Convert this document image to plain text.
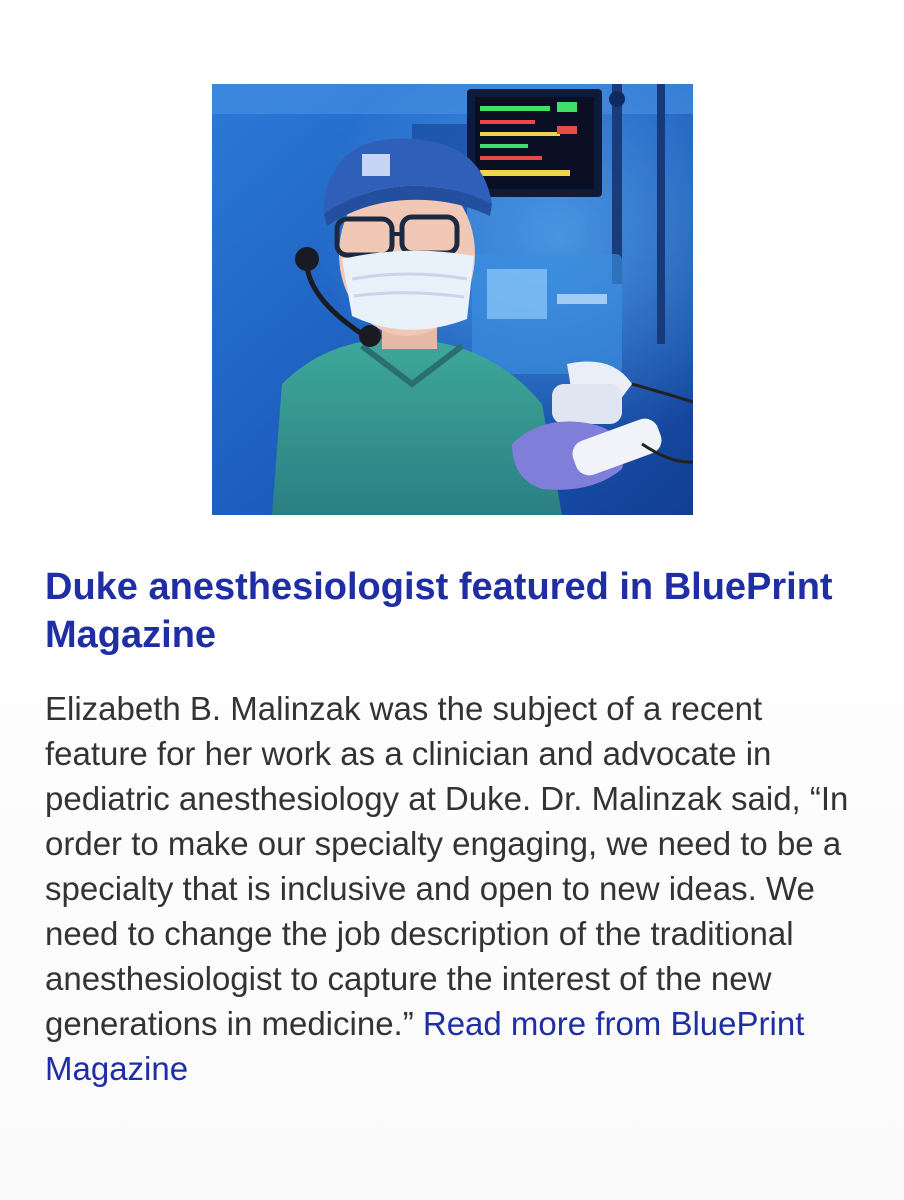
Duke anesthesiologist featured in BluePrint Magazine

Elizabeth B. Malinzak was the subject of a recent feature for her work as a clinician and advocate in pediatric anesthesiology at Duke. Dr. Malinzak said, “In order to make our specialty engaging, we need to be a specialty that is inclusive and open to new ideas. We need to change the job description of the traditional anesthesiologist to capture the interest of the new generations in medicine.” Read more from BluePrint Magazine
